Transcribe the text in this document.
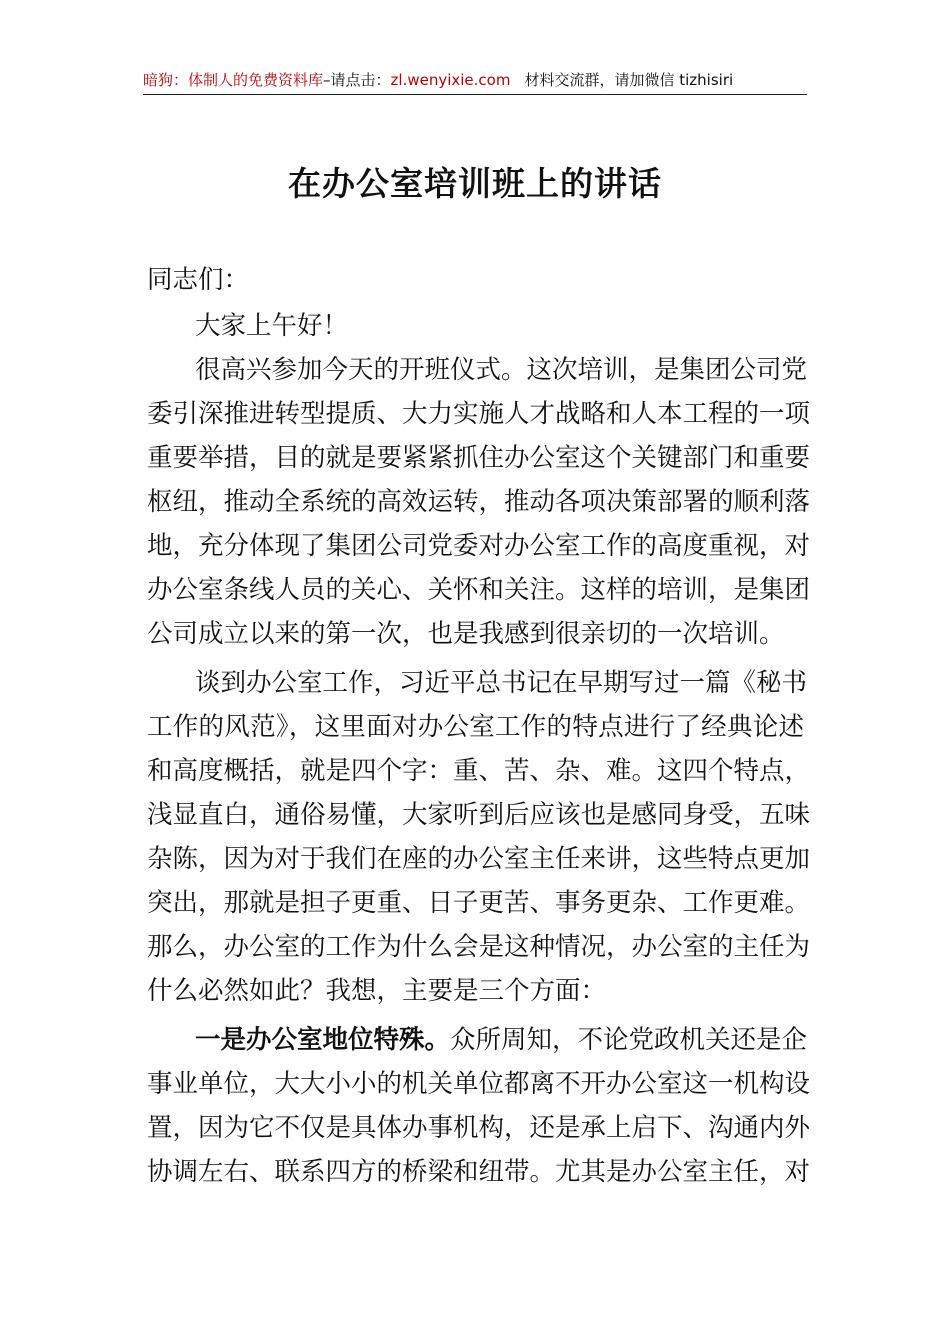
暗狗：体制人的免费资料库–请点击：zl.wenyixie.com 材料交流群，请加微信 tizhisiri
在办公室培训班上的讲话
同志们：
大家上午好！
很高兴参加今天的开班仪式。这次培训，是集团公司党
委引深推进转型提质、大力实施人才战略和人本工程的一项
重要举措，目的就是要紧紧抓住办公室这个关键部门和重要
枢纽，推动全系统的高效运转，推动各项决策部署的顺利落
地，充分体现了集团公司党委对办公室工作的高度重视，对
办公室条线人员的关心、关怀和关注。这样的培训，是集团
公司成立以来的第一次，也是我感到很亲切的一次培训。
谈到办公室工作，习近平总书记在早期写过一篇《秘书
工作的风范》，这里面对办公室工作的特点进行了经典论述
和高度概括，就是四个字：重、苦、杂、难。这四个特点，
浅显直白，通俗易懂，大家听到后应该也是感同身受，五味
杂陈，因为对于我们在座的办公室主任来讲，这些特点更加
突出，那就是担子更重、日子更苦、事务更杂、工作更难。
那么，办公室的工作为什么会是这种情况，办公室的主任为
什么必然如此？我想，主要是三个方面：
一是办公室地位特殊。众所周知，不论党政机关还是企
事业单位，大大小小的机关单位都离不开办公室这一机构设
置，因为它不仅是具体办事机构，还是承上启下、沟通内外
协调左右、联系四方的桥梁和纽带。尤其是办公室主任，对
